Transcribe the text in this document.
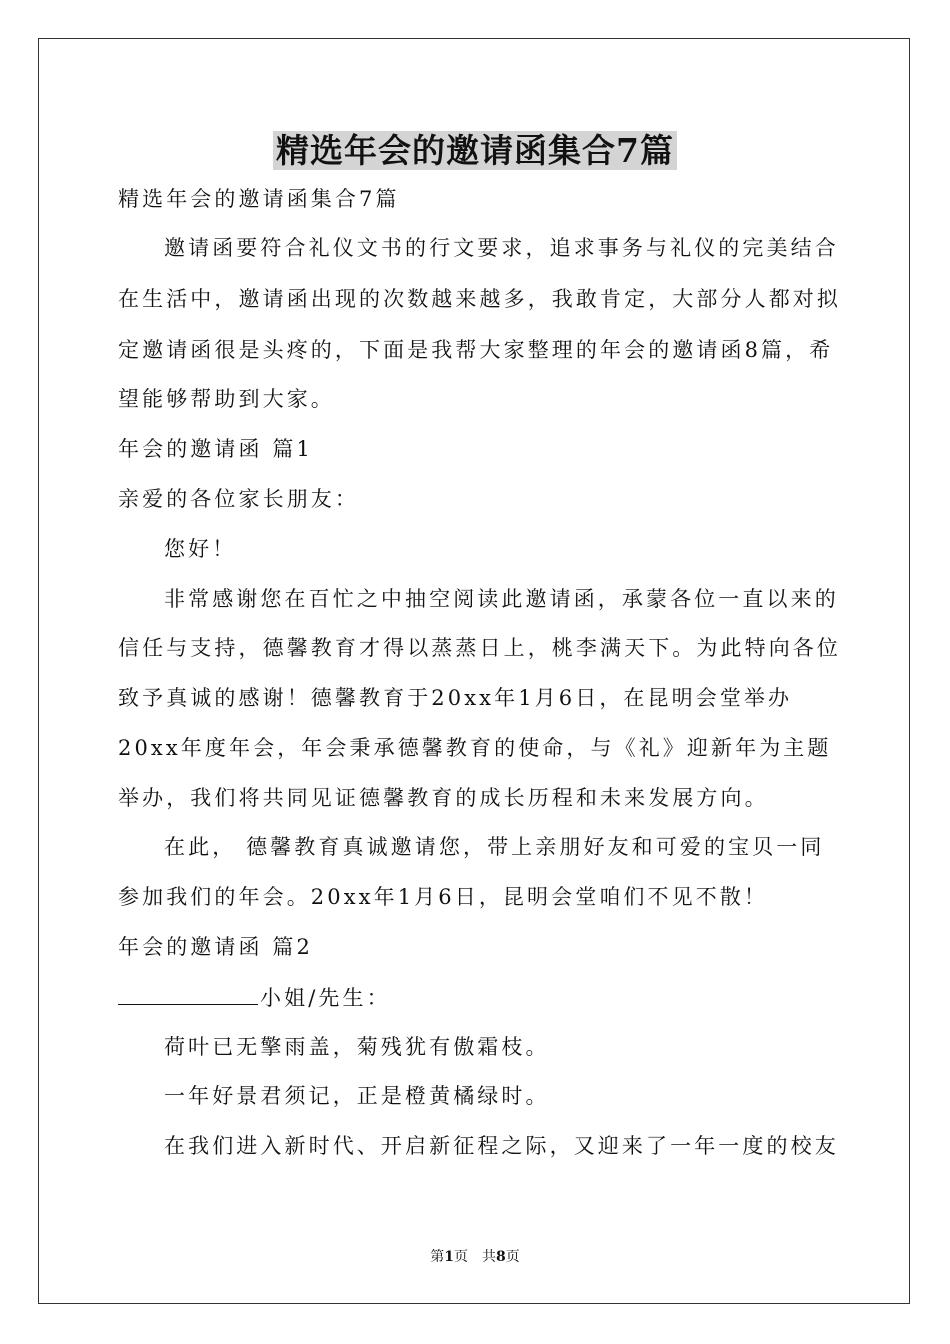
精选年会的邀请函集合7篇
精选年会的邀请函集合7篇
邀请函要符合礼仪文书的行文要求，追求事务与礼仪的完美结合
在生活中，邀请函出现的次数越来越多，我敢肯定，大部分人都对拟
定邀请函很是头疼的，下面是我帮大家整理的年会的邀请函8篇，希
望能够帮助到大家。
年会的邀请函 篇1
亲爱的各位家长朋友：
您好！
非常感谢您在百忙之中抽空阅读此邀请函，承蒙各位一直以来的
信任与支持，德馨教育才得以蒸蒸日上，桃李满天下。为此特向各位
致予真诚的感谢！德馨教育于20xx年1月6日，在昆明会堂举办
20xx年度年会，年会秉承德馨教育的使命，与《礼》迎新年为主题
举办，我们将共同见证德馨教育的成长历程和未来发展方向。
在此， 德馨教育真诚邀请您，带上亲朋好友和可爱的宝贝一同
参加我们的年会。20xx年1月6日，昆明会堂咱们不见不散！
年会的邀请函 篇2
小姐/先生：
荷叶已无擎雨盖，菊残犹有傲霜枝。
一年好景君须记，正是橙黄橘绿时。
在我们进入新时代、开启新征程之际，又迎来了一年一度的校友
第1页　共8页
